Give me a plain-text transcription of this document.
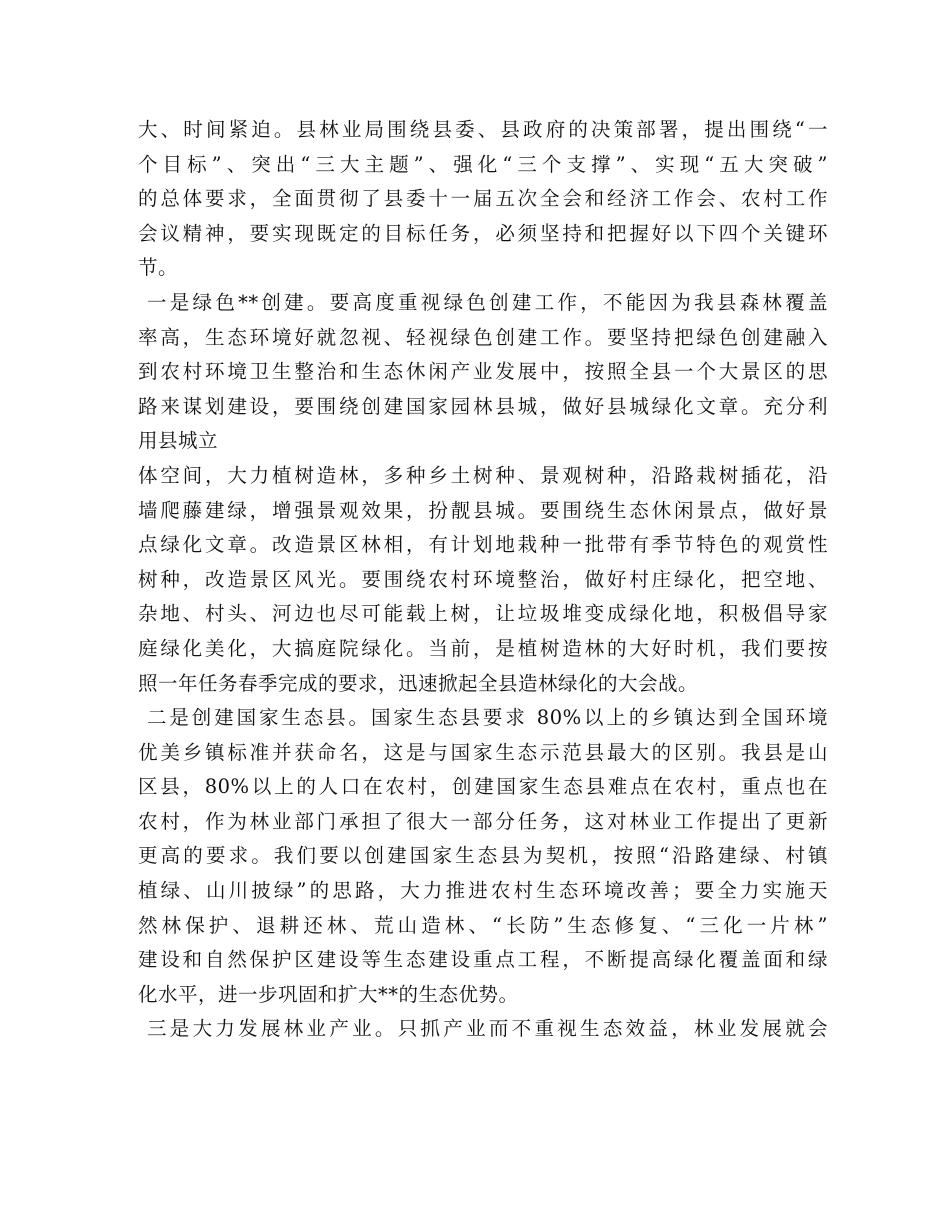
大、时间紧迫。县林业局围绕县委、县政府的决策部署，提出围绕“一
个目标”、突出“三大主题”、强化“三个支撑”、实现“五大突破”
的总体要求，全面贯彻了县委十一届五次全会和经济工作会、农村工作
会议精神，要实现既定的目标任务，必须坚持和把握好以下四个关键环
节。
一是绿色**创建。要高度重视绿色创建工作，不能因为我县森林覆盖
率高，生态环境好就忽视、轻视绿色创建工作。要坚持把绿色创建融入
到农村环境卫生整治和生态休闲产业发展中，按照全县一个大景区的思
路来谋划建设，要围绕创建国家园林县城，做好县城绿化文章。充分利
用县城立
体空间，大力植树造林，多种乡土树种、景观树种，沿路栽树插花，沿
墙爬藤建绿，增强景观效果，扮靓县城。要围绕生态休闲景点，做好景
点绿化文章。改造景区林相，有计划地栽种一批带有季节特色的观赏性
树种，改造景区风光。要围绕农村环境整治，做好村庄绿化，把空地、
杂地、村头、河边也尽可能载上树，让垃圾堆变成绿化地，积极倡导家
庭绿化美化，大搞庭院绿化。当前，是植树造林的大好时机，我们要按
照一年任务春季完成的要求，迅速掀起全县造林绿化的大会战。
二是创建国家生态县。国家生态县要求 80%以上的乡镇达到全国环境
优美乡镇标准并获命名，这是与国家生态示范县最大的区别。我县是山
区县，80%以上的人口在农村，创建国家生态县难点在农村，重点也在
农村，作为林业部门承担了很大一部分任务，这对林业工作提出了更新
更高的要求。我们要以创建国家生态县为契机，按照“沿路建绿、村镇
植绿、山川披绿”的思路，大力推进农村生态环境改善；要全力实施天
然林保护、退耕还林、荒山造林、“长防”生态修复、“三化一片林”
建设和自然保护区建设等生态建设重点工程，不断提高绿化覆盖面和绿
化水平，进一步巩固和扩大**的生态优势。
三是大力发展林业产业。只抓产业而不重视生态效益，林业发展就会
